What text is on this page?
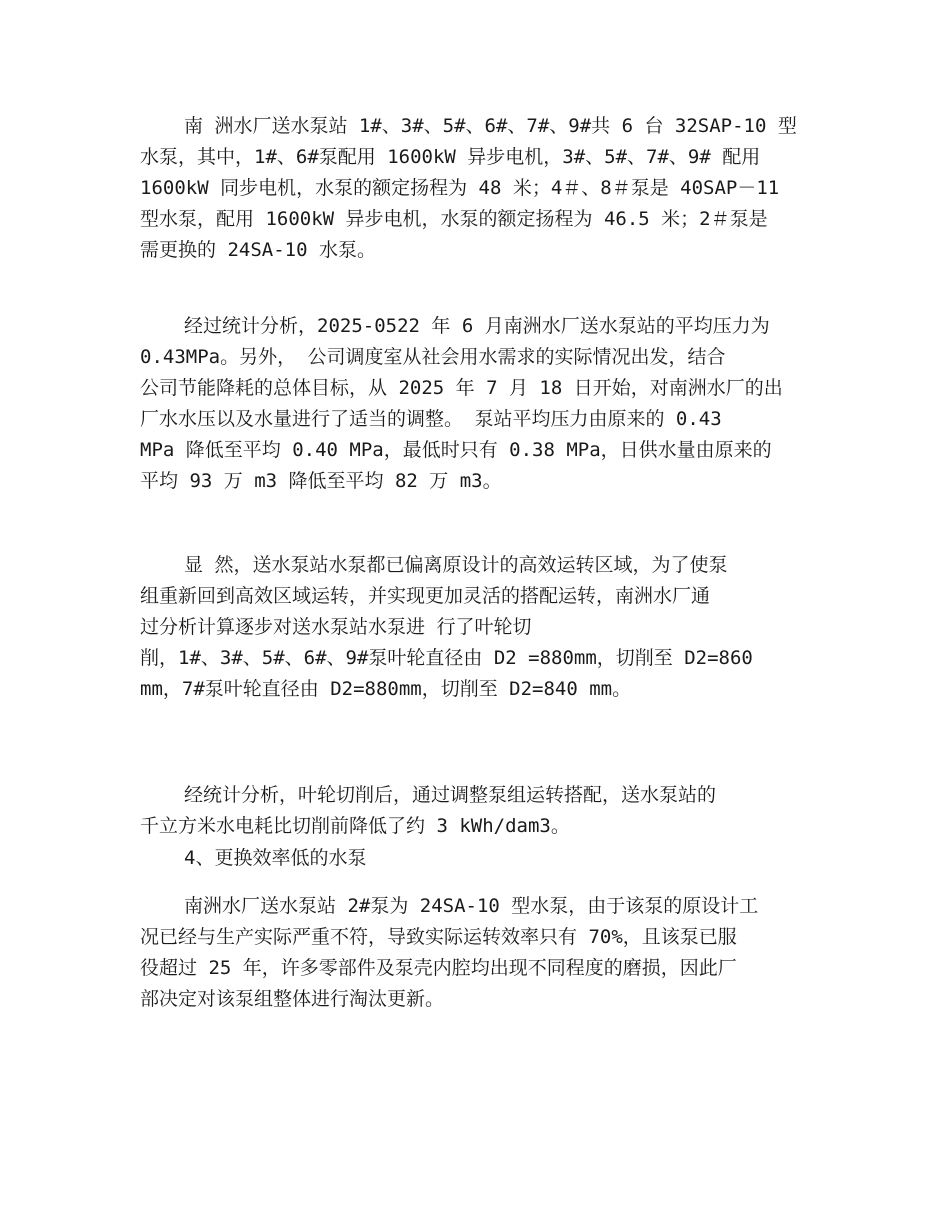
南 洲水厂送水泵站 1#、3#、5#、6#、7#、9#共 6 台 32SAP-10 型
水泵，其中，1#、6#泵配用 1600kW 异步电机，3#、5#、7#、9# 配用
1600kW 同步电机，水泵的额定扬程为 48 米；4＃、8＃泵是 40SAP－11
型水泵，配用 1600kW 异步电机，水泵的额定扬程为 46.5 米；2＃泵是
需更换的 24SA-10 水泵。

经过统计分析，2025-0522 年 6 月南洲水厂送水泵站的平均压力为
0.43MPa。另外， 公司调度室从社会用水需求的实际情况出发，结合
公司节能降耗的总体目标，从 2025 年 7 月 18 日开始，对南洲水厂的出
厂水水压以及水量进行了适当的调整。 泵站平均压力由原来的 0.43
MPa 降低至平均 0.40 MPa，最低时只有 0.38 MPa，日供水量由原来的
平均 93 万 m3 降低至平均 82 万 m3。

显 然，送水泵站水泵都已偏离原设计的高效运转区域，为了使泵
组重新回到高效区域运转，并实现更加灵活的搭配运转，南洲水厂通
过分析计算逐步对送水泵站水泵进 行了叶轮切
削，1#、3#、5#、6#、9#泵叶轮直径由 D2 =880mm，切削至 D2=860
mm，7#泵叶轮直径由 D2=880mm，切削至 D2=840 mm。

经统计分析，叶轮切削后，通过调整泵组运转搭配，送水泵站的
千立方米水电耗比切削前降低了约 3 kWh/dam3。

4、更换效率低的水泵

南洲水厂送水泵站 2#泵为 24SA-10 型水泵，由于该泵的原设计工
况已经与生产实际严重不符，导致实际运转效率只有 70%，且该泵已服
役超过 25 年，许多零部件及泵壳内腔均出现不同程度的磨损，因此厂
部决定对该泵组整体进行淘汰更新。
